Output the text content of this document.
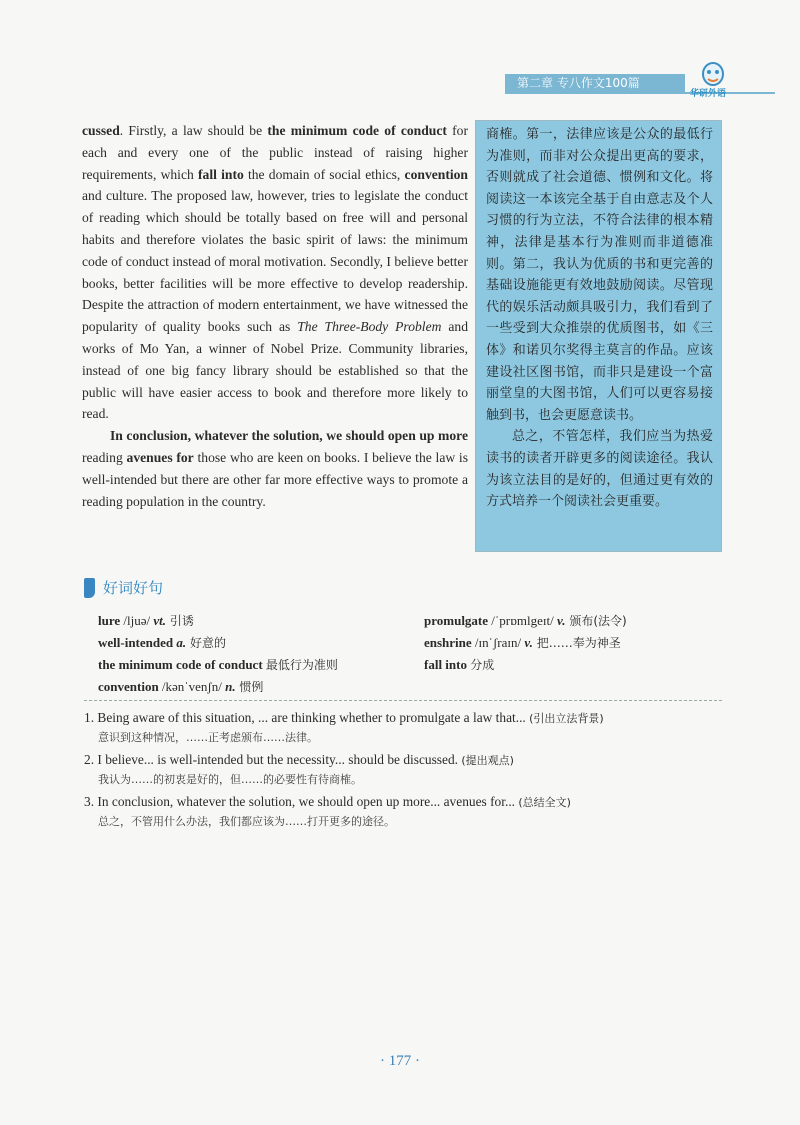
第二章 专八作文100篇
华研外语

cussed. Firstly, a law should be the minimum code of conduct for each and every one of the public instead of raising higher requirements, which fall into the domain of social ethics, convention and culture. The proposed law, however, tries to legislate the conduct of reading which should be totally based on free will and personal habits and therefore violates the basic spirit of laws: the minimum code of conduct instead of moral motivation. Secondly, I believe better books, better facilities will be more effective to develop readership. Despite the attraction of modern entertainment, we have witnessed the popularity of quality books such as The Three-Body Problem and works of Mo Yan, a winner of Nobel Prize. Community libraries, instead of one big fancy library should be established so that the public will have easier access to book and therefore more likely to read.

In conclusion, whatever the solution, we should open up more reading avenues for those who are keen on books. I believe the law is well-intended but there are other far more effective ways to promote a reading population in the country.

商榷。第一，法律应该是公众的最低行为准则，而非对公众提出更高的要求，否则就成了社会道德、惯例和文化。将阅读这一本该完全基于自由意志及个人习惯的行为立法，不符合法律的根本精神，法律是基本行为准则而非道德准则。第二，我认为优质的书和更完善的基础设施能更有效地鼓励阅读。尽管现代的娱乐活动颇具吸引力，我们看到了一些受到大众推崇的优质图书，如《三体》和诺贝尔奖得主莫言的作品。应该建设社区图书馆，而非只是建设一个富丽堂皇的大图书馆，人们可以更容易接触到书，也会更愿意读书。

总之，不管怎样，我们应当为热爱读书的读者开辟更多的阅读途径。我认为该立法目的是好的，但通过更有效的方式培养一个阅读社会更重要。

好词好句
lure /ljuə/ vt. 引诱	promulgate /ˈprɒmlgeɪt/ v. 颁布(法令)
well-intended a. 好意的	enshrine /ɪnˈʃraɪn/ v. 把……奉为神圣
the minimum code of conduct 最低行为准则	fall into 分成
convention /kənˈvenʃn/ n. 惯例
1. Being aware of this situation, ... are thinking whether to promulgate a law that... (引出立法背景)
意识到这种情况，……正考虑颁布……法律。
2. I believe... is well-intended but the necessity... should be discussed. (提出观点)
我认为……的初衷是好的，但……的必要性有待商榷。
3. In conclusion, whatever the solution, we should open up more... avenues for... (总结全文)
总之，不管用什么办法，我们都应该为……打开更多的途径。
· 177 ·
